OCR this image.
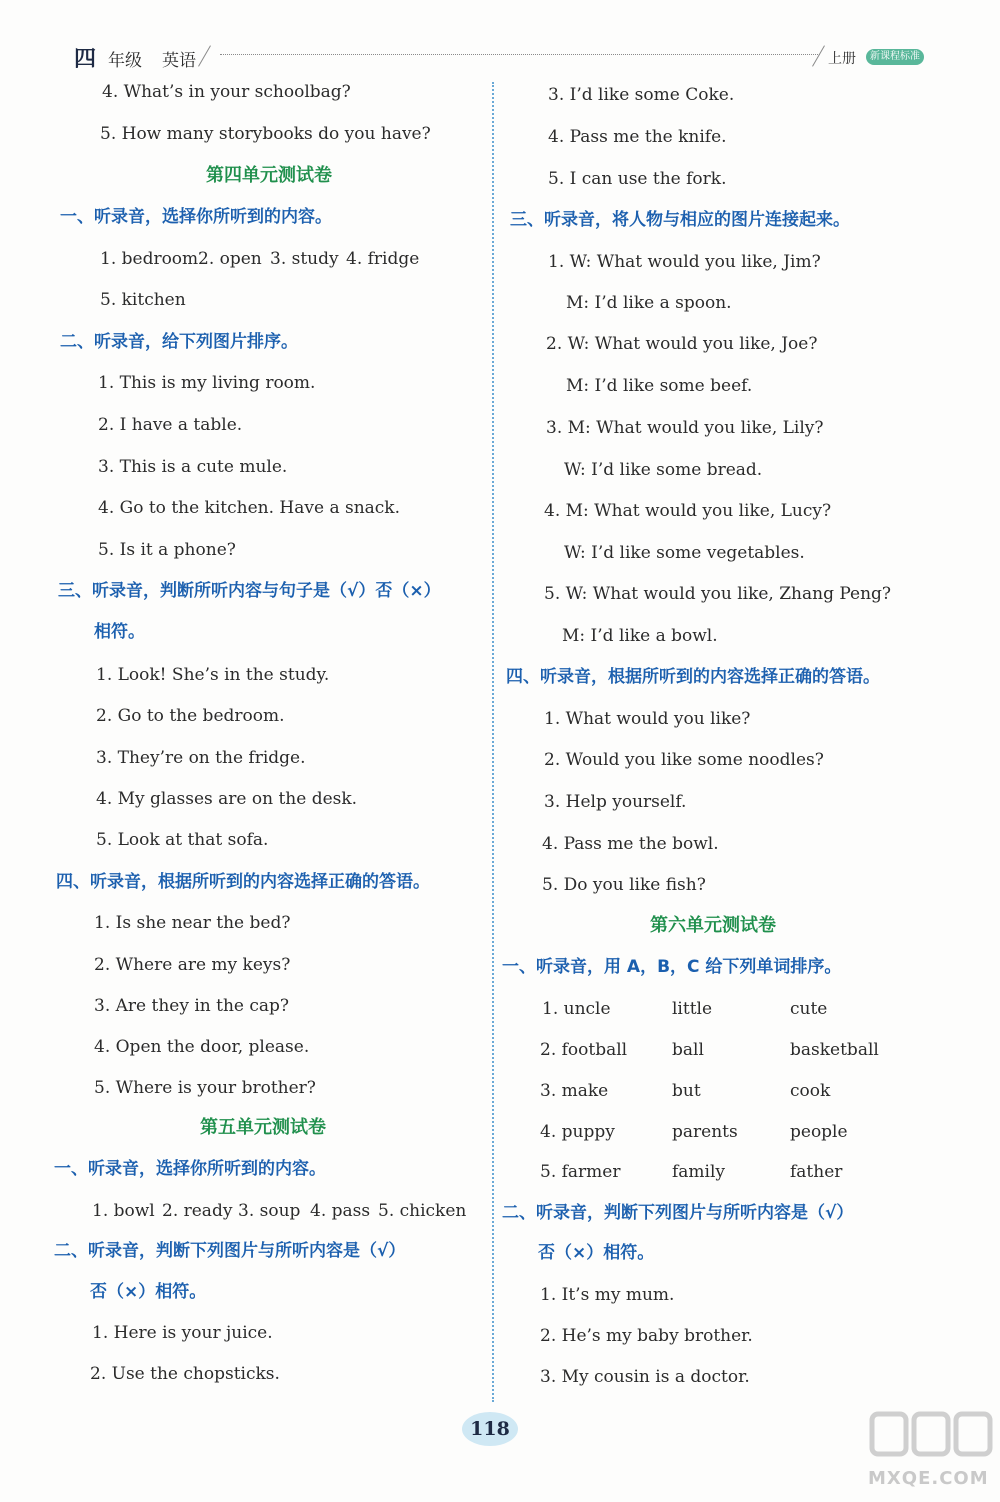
四 年级 英语	上册	新课程标准
4. What’s in your schoolbag?
5. How many storybooks do you have?
第四单元测试卷
一、听录音，选择你所听到的内容。
1. bedroom 2. open 3. study 4. fridge
5. kitchen
二、听录音，给下列图片排序。
1. This is my living room.
2. I have a table.
3. This is a cute mule.
4. Go to the kitchen. Have a snack.
5. Is it a phone?
三、听录音，判断所听内容与句子是（√）否（×）
相符。
1. Look! She’s in the study.
2. Go to the bedroom.
3. They’re on the fridge.
4. My glasses are on the desk.
5. Look at that sofa.
四、听录音，根据所听到的内容选择正确的答语。
1. Is she near the bed?
2. Where are my keys?
3. Are they in the cap?
4. Open the door, please.
5. Where is your brother?
第五单元测试卷
一、听录音，选择你所听到的内容。
1. bowl 2. ready 3. soup 4. pass 5. chicken
二、听录音，判断下列图片与所听内容是（√）
否（×）相符。
1. Here is your juice.
2. Use the chopsticks.
3. I’d like some Coke.
4. Pass me the knife.
5. I can use the fork.
三、听录音，将人物与相应的图片连接起来。
1. W: What would you like, Jim?
M: I’d like a spoon.
2. W: What would you like, Joe?
M: I’d like some beef.
3. M: What would you like, Lily?
W: I’d like some bread.
4. M: What would you like, Lucy?
W: I’d like some vegetables.
5. W: What would you like, Zhang Peng?
M: I’d like a bowl.
四、听录音，根据所听到的内容选择正确的答语。
1. What would you like?
2. Would you like some noodles?
3. Help yourself.
4. Pass me the bowl.
5. Do you like fish?
第六单元测试卷
一、听录音，用 A，B，C 给下列单词排序。
1. uncle	little	cute
2. football	ball	basketball
3. make	but	cook
4. puppy	parents	people
5. farmer	family	father
二、听录音，判断下列图片与所听内容是（√）
否（×）相符。
1. It’s my mum.
2. He’s my baby brother.
3. My cousin is a doctor.
118
MXQE.COM
